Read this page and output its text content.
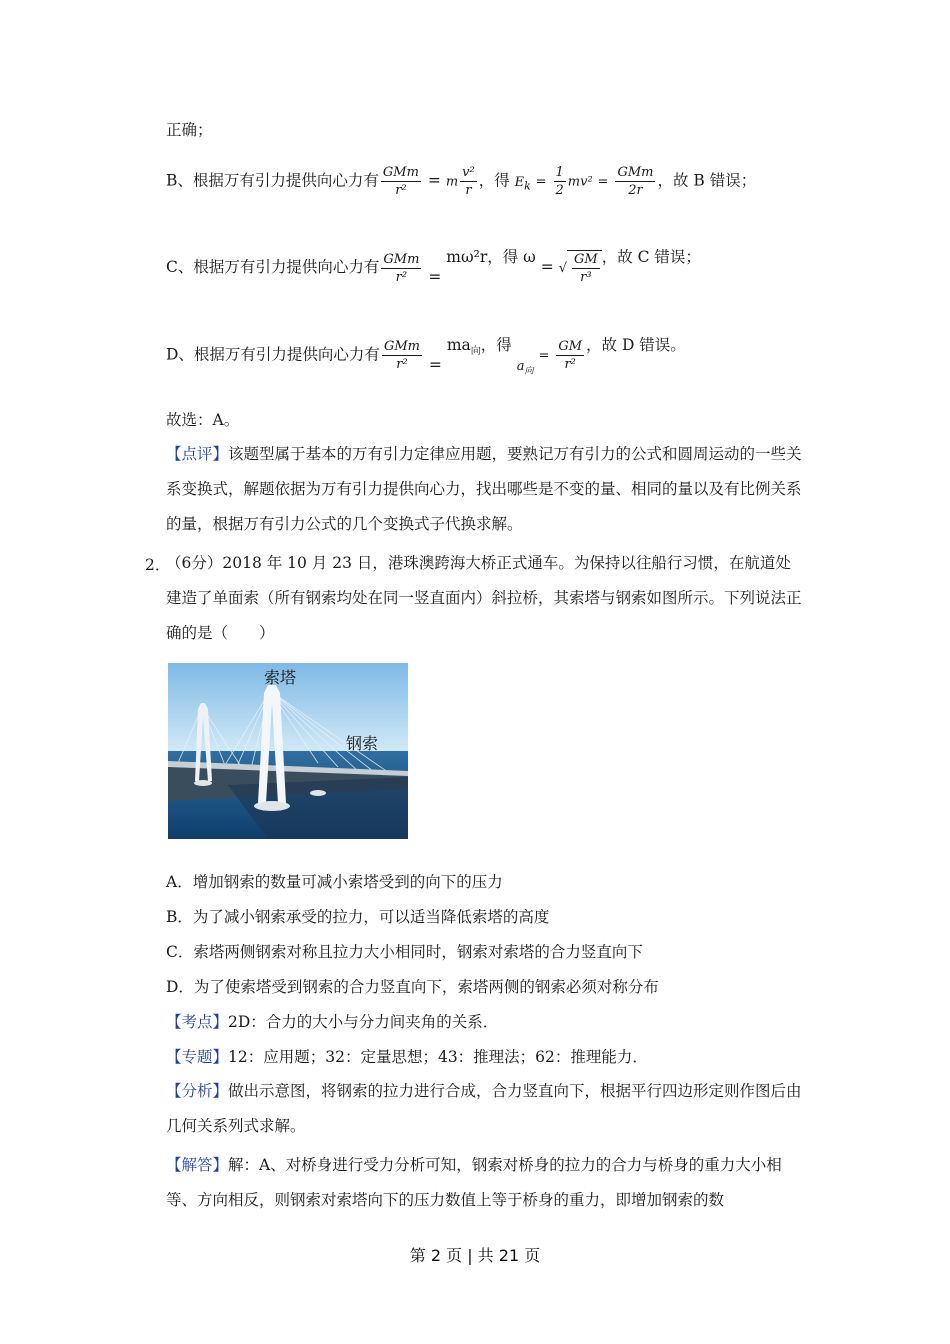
正确；
B、根据万有引力提供向心力有 $\frac{\text{GMm}}{\text{r²}} = m \frac{\text{v²}}{r}$ ，得 $E_k = \frac{1}{2} mv^2 = \frac{\text{GMm}}{2r}$ ，故 B 错误；
C、根据万有引力提供向心力有 $\frac{\text{GMm}}{\text{r²}} = m\omega^2r$，得 ω = √ $\frac{GM}{\text{r³}}$ ，故 C 错误；
D、根据万有引力提供向心力有 $\frac{\text{GMm}}{\text{r²}} = ma_向$，得 $_{a_向} = \frac{GM}{\text{r²}}$ ，故 D 错误。
故选：A。
【点评】该题型属于基本的万有引力定律应用题，要熟记万有引力的公式和圆周运动的一些关系变换式，解题依据为万有引力提供向心力，找出哪些是不变的量、相同的量以及有比例关系的量，根据万有引力公式的几个变换式子代换求解。
2．
（6分）2018 年 10 月 23 日，港珠澳跨海大桥正式通车。为保持以往船行习惯，在航道处建造了单面索（所有钢索均处在同一竖直面内）斜拉桥，其索塔与钢索如图所示。下列说法正确的是（　　）
索塔
钢索
A．增加钢索的数量可减小索塔受到的向下的压力
B．为了减小钢索承受的拉力，可以适当降低索塔的高度
C．索塔两侧钢索对称且拉力大小相同时，钢索对索塔的合力竖直向下
D．为了使索塔受到钢索的合力竖直向下，索塔两侧的钢索必须对称分布
【考点】2D：合力的大小与分力间夹角的关系．
【专题】12：应用题；32：定量思想；43：推理法；62：推理能力．
【分析】做出示意图，将钢索的拉力进行合成，合力竖直向下，根据平行四边形定则作图后由几何关系列式求解。
【解答】解：A、对桥身进行受力分析可知，钢索对桥身的拉力的合力与桥身的重力大小相等、方向相反，则钢索对索塔向下的压力数值上等于桥身的重力，即增加钢索的数
第 2 页 | 共 21 页
